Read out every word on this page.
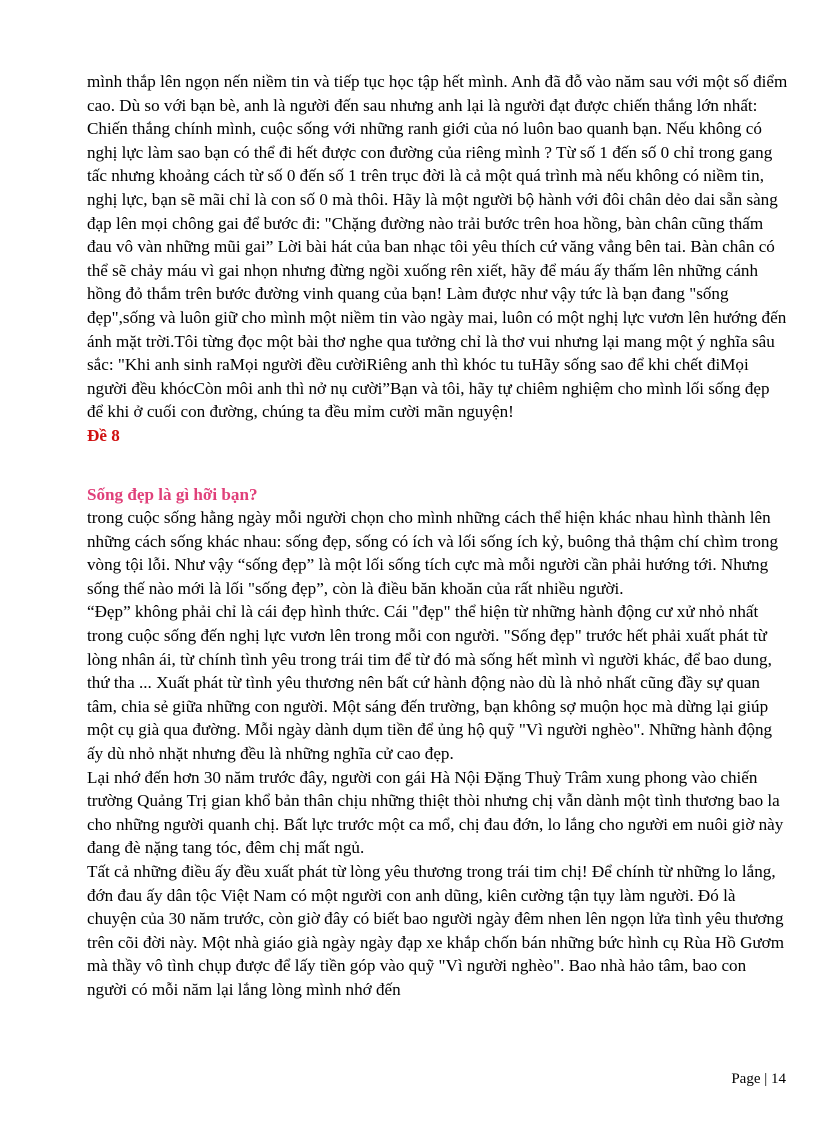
mình thắp lên ngọn nến niềm tin và tiếp tục học tập hết mình. Anh đã đỗ vào năm sau với một số điểm cao. Dù so với bạn bè, anh là người đến sau nhưng anh lại là người đạt được chiến thắng lớn nhất: Chiến thắng chính mình, cuộc sống với những ranh giới của nó luôn bao quanh bạn. Nếu không có nghị lực làm sao bạn có thể đi hết được con đường của riêng mình ? Từ số 1 đến số 0 chỉ trong gang tấc nhưng khoảng cách từ số 0 đến số 1 trên trục đời là cả một quá trình mà nếu không có niềm tin, nghị lực, bạn sẽ mãi chỉ là con số 0 mà thôi. Hãy là một người bộ hành với đôi chân dẻo dai sẵn sàng đạp lên mọi chông gai để bước đi: "Chặng đường nào trải bước trên hoa hồng, bàn chân cũng thấm đau vô vàn những mũi gai” Lời bài hát của ban nhạc tôi yêu thích cứ văng vẳng bên tai. Bàn chân có thể sẽ chảy máu vì gai nhọn nhưng đừng ngồi xuống rên xiết, hãy để máu ấy thấm lên những cánh hồng đỏ thắm trên bước đường vinh quang của bạn! Làm được như vậy tức là bạn đang "sống đẹp",sống và luôn giữ cho mình một niềm tin vào ngày mai, luôn có một nghị lực vươn lên hướng đến ánh mặt trời.Tôi từng đọc một bài thơ nghe qua tưởng chỉ là thơ vui nhưng lại mang một ý nghĩa sâu sắc: "Khi anh sinh raMọi người đều cườiRiêng anh thì khóc tu tuHãy sống sao để khi chết điMọi người đều khócCòn môi anh thì nở nụ cười”Bạn và tôi, hãy tự chiêm nghiệm cho mình lối sống đẹp để khi ở cuối con đường, chúng ta đều mỉm cười mãn nguyện!

Đề 8

Sống đẹp là gì hỡi bạn?

trong cuộc sống hằng ngày mỗi người chọn cho mình những cách thể hiện khác nhau hình thành lên những cách sống khác nhau: sống đẹp, sống có ích và lối sống ích kỷ, buông thả thậm chí chìm trong vòng tội lỗi. Như vậy “sống đẹp” là một lối sống tích cực mà mỗi người cần phải hướng tới. Nhưng sống thế nào mới là lối "sống đẹp”, còn là điều băn khoăn của rất nhiều người.

“Đẹp” không phải chỉ là cái đẹp hình thức. Cái "đẹp" thể hiện từ những hành động cư xử nhỏ nhất trong cuộc sống đến nghị lực vươn lên trong mỗi con người. "Sống đẹp" trước hết phải xuất phát từ lòng nhân ái, từ chính tình yêu trong trái tim để từ đó mà sống hết mình vì người khác, để bao dung, thứ tha ... Xuất phát từ tình yêu thương nên bất cứ hành động nào dù là nhỏ nhất cũng đầy sự quan tâm, chia sẻ giữa những con người. Một sáng đến trường, bạn không sợ muộn học mà dừng lại giúp một cụ già qua đường. Mỗi ngày dành dụm tiền để ủng hộ quỹ "Vì người nghèo". Những hành động ấy dù nhỏ nhặt nhưng đều là những nghĩa cử cao đẹp.

Lại nhớ đến hơn 30 năm trước đây, người con gái Hà Nội Đặng Thuỳ Trâm xung phong vào chiến trường Quảng Trị gian khổ bản thân chịu những thiệt thòi nhưng chị vẫn dành một tình thương bao la cho những người quanh chị. Bất lực trước một ca mổ, chị đau đớn, lo lắng cho người em nuôi giờ này đang đè nặng tang tóc, đêm chị mất ngủ.

Tất cả những điều ấy đều xuất phát từ lòng yêu thương trong trái tim chị! Để chính từ những lo lắng, đớn đau ấy dân tộc Việt Nam có một người con anh dũng, kiên cường tận tụy làm người. Đó là chuyện của 30 năm trước, còn giờ đây có biết bao người ngày đêm nhen lên ngọn lửa tình yêu thương trên cõi đời này. Một nhà giáo già ngày ngày đạp xe khắp chốn bán những bức hình cụ Rùa Hồ Gươm mà thầy vô tình chụp được để lấy tiền góp vào quỹ "Vì người nghèo". Bao nhà hảo tâm, bao con người có mỗi năm lại lắng lòng mình nhớ đến

Page | 14
